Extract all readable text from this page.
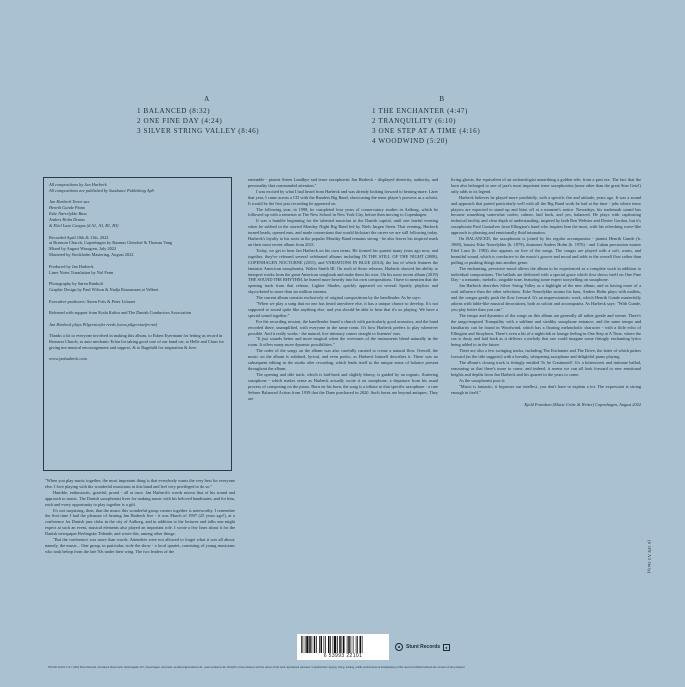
A
1 BALANCED (8:32)
2 ONE FINE DAY (4:24)
3 SILVER STRING VALLEY (8:46)
B
1 THE ENCHANTER (4:47)
2 TRANQUILITY (6:10)
3 ONE STEP AT A TIME (4:16)
4 WOODWIND (5:20)

All compositions by Jan Harbeck
All compositions are published by Sundance Publishing ApS

Jan Harbeck Tenor sax
Henrik Gunde Piano
Eske Nørrelykke Bass
Anders Holm Drums
& Eliel Lazo Congas (# A1, A3, B1, B3)

Recorded April 10th & 11th, 2022
at Brønson Church, Copenhagen by Rasmus Glendorf & Thomas Vang
Mixed by August Wassgren, July 2022
Mastered by Stockholm Mastering, August 2022

Produced by Jan Harbeck
Liner Notes Translation by Nol Fenn

Photography by Søren Rønholt
Graphic Design by Paul Wilson & Nadja Rasmussen at Velbert

Executive producers: Søren Frits & Peter Littauer

Released with support from Koda Kultur and The Danish Conductors Association

Jan Harbeck plays Pilgerstoefer reeds (www.pilgerstoefer.net)

Thanks a lot to everyone involved in making this album, to Esben Eyermann for letting us record in Brønson Church, to auto mechanic Erlan for taking good care of our band car, to Helle and Claus for giving me musical encouragement and support, & to Ragnhild for inspiration & love.

www.janharbeck.com

"When you play music together, the most important thing is that everybody wants the very best for everyone else. I love playing with the wonderful musicians in this band and feel very privileged to do so."

Humble, enthusiastic, grateful, proud - all at once. Jan Harbeck's words mirror that of his sound and approach to music. The Danish saxophonist lives for making music with his beloved bandmates, and for him, each and every opportunity to play together is a gift.

It's not surprising, then, that the music this wonderful group creates together is noteworthy. I remember the first time I had the pleasure of hearing Jan Harbeck live - it was March of 1997 (25 years ago!), at a conference for Danish jazz clubs in the city of Aalborg, and in addition to the lectures and talks one might expect at such an event, musical elements also played an important role. I wrote a few lines about it for the Danish newspaper Berlingske Tidende, and wrote this, among other things:

"But the conference was more than words. Attendees were not allowed to forget what it was all about, namely, the music... One group, in particular, stole the show - a local quartet, consisting of young musicians who took bebop from the late 50s under their wing. The two leaders of the

ensemble - pianist Søren Lundbye and tenor saxophonist Jan Harbeck - displayed dexterity, authority, and personality that commanded attention."

I was excited by what I had heard from Harbeck and was already looking forward to hearing more. Later that year, I came across a CD with the Randers Big Band, showcasing the tenor player's prowess as a soloist. It would be the first jazz recording he appeared on.

The following year, in 1998, he completed four years of conservatory studies in Aalborg, which he followed up with a semester at The New School in New York City, before then moving to Copenhagen.

It was a humble beginning for the talented musician in the Danish capital, until one fateful evening when he subbed in the storied Monday Night Big Band led by Niels Jørgen Steen. That evening, Harbeck turned heads, opened ears, and made connections that would kickstart the career we are still following today. Harbeck's loyalty to his roots in the popular Monday Band remains strong - he also leaves his inspired mark on their most recent album from 2021.

Today, we get to hear Jan Harbeck on his own terms. He formed his quartet many years ago now, and together, they've released several celebrated albums including IN THE STILL OF THE NIGHT (2008), COPENHAGEN NOCTURNE (2011), and VARIATIONS IN BLUE (2014), the last of which features the fantastic American saxophonist, Walter Smith III. On each of those releases, Harbeck showed his ability to interpret works from the great American songbook and make them his own. On his most recent album (2019) THE SOUND THE RHYTHM, he leaned more heavily into his own compositions. I have to mention that the opening track from that release, Lighter Shades, quickly appeared on several Spotify playlists and skyrocketed to more than six million streams.

The current album consists exclusively of original compositions by the bandleader. As he says:

"When we play a song that no one has heard anywhere else, it has a unique chance to develop. It's not supposed to sound quite like anything else, and you should be able to hear that it's us playing. We have a special sound together."

For the recording session, the bandleader found a church with particularly good acoustics, and the band recorded there, unamplified, with everyone in the same room. It's how Harbeck prefers to play whenever possible. And it really works - the natural, live intimacy comes straight to listeners' ears.

"It just sounds better and more magical when the overtones of the instruments blend naturally in the room. It offers many more dynamic possibilities."

The order of the songs on the album was also carefully curated to create a natural flow. Overall, the music on the album is subdued, lyrical, and even poetic, as Harbeck himself describes it. There was no subsequent editing in the studio after recording, which lends itself to the unique sense of balance present throughout the album.

The opening and title track, which is laid-back and slightly bluesy, is guided by an organic, fluttering saxophone - which makes sense as Harbeck actually wrote it on saxophone, a departure from his usual process of composing on the piano. Born on his horn, the song is a tribute to that specific saxophone - a rare Selmer Balanced Action from 1939 that the Dane purchased in 2020. Such horns are beyond antiques. They are

living ghosts, the equivalent of an archaeologist unearthing a golden relic from a past era. The fact that the horn also belonged to one of jazz's most important tenor saxophonists (none other than the great Stan Getz!) only adds to its legend.

Harbeck believes he played more youthfully, with a specific fire and attitude, years ago. It was a sound and approach that paired particularly well with all the Big Band work he had at the time - jobs where tenor players are expected to stand up and blast off at a moment's notice. Nowadays, his trademark sound has become something somewhat cooler, calmer, laid back, and yes, balanced. He plays with captivating technical facility and clear depth of understanding, inspired by both Ben Webster and Dexter Gordon, but it's saxophonist Paul Gonsalves from Ellington's band who inspires him the most, with his refreshing wave-like approach to phrasing and emotionally fluid intonation.

On BALANCED, the saxophonist is joined by his regular accompanists - pianist Henrik Gunde (b. 1969), bassist Eske Nørrelykke (b. 1979), drummer Anders Holm (b. 1976) - and Cuban percussion master Eliel Lazo (b. 1983) also appears on five of the songs. The congas are played with a soft, warm, and beautiful sound, which is conducive to the music's groove and mood and adds to the overall flow rather than pulling or pushing things into another genre.

The enchanting, pervasive mood allows the album to be experienced as a complete work in addition to individual compositions. The ballads are delivered with a special grace which first shows itself on One Fine Day - a romantic, melodic, singable tune, featuring some expert storytelling on saxophone.

Jan Harbeck describes Silver String Valley as a highlight of the new album, and as having more of a soul influence than the other selections. Eske Nørrelykke strums his bass, Anders Holm plays with mallets, and the congas gently push the flow forward. It's an impressionistic work, which Henrik Gunde masterfully adorns with fable-like musical decorations, both as soloist and accompanist. As Harbeck says: "With Gunde, you play better than you can."

The tempo and dynamics of the songs on this album are generally all rather gentle and serene. There's the tango-inspired Tranquility with a sublime and stealthy saxophone entrance, and the same tempo and familiarity can be found in Woodwind, which has a floating melancholic character - with a little echo of Ellington and Strayhorn. There's even a bit of a nightclub or lounge feeling in One Step at A Time, where the sax is dusty and laid back as it delivers a melody that one could imagine some fittingly enchanting lyrics being added to in the future.

There are also a few swinging tracks, including The Enchanter and The Drive, the latter of which pulses forward (as the title suggests) with a breathy, whispering saxophone and delightful piano playing.

The album's closing track is fittingly entitled To be Continued?. It's a bittersweet and intimate ballad, reassuring us that there's more to come, and indeed, it seems we can all look forward to new emotional heights and depths from Jan Harbeck and his quartet in the years to come.

As the saxophonist puts it:

"Music is fantastic, it bypasses our intellect, you don't have to explain a lot. The expression is strong enough in itself."

Kjeld Frandsen (Music Critic & Writer) Copenhagen, August 2022

(# ON A3 Only)
6 53993 22101
Stunt Records	●
STUCD 22101 ℗ & © 2022 Stunt Records, Sundance Music ApS, Gothersgade 107, Copenhagen, Denmark. sundance@sundance.dk - www.sundance.dk. All rights of the producer and the owner of the work reproduced reserved. Unauthorized copying, hiring, lending, public performance & broadcasting of this record prohibited without the consent of the producer.
